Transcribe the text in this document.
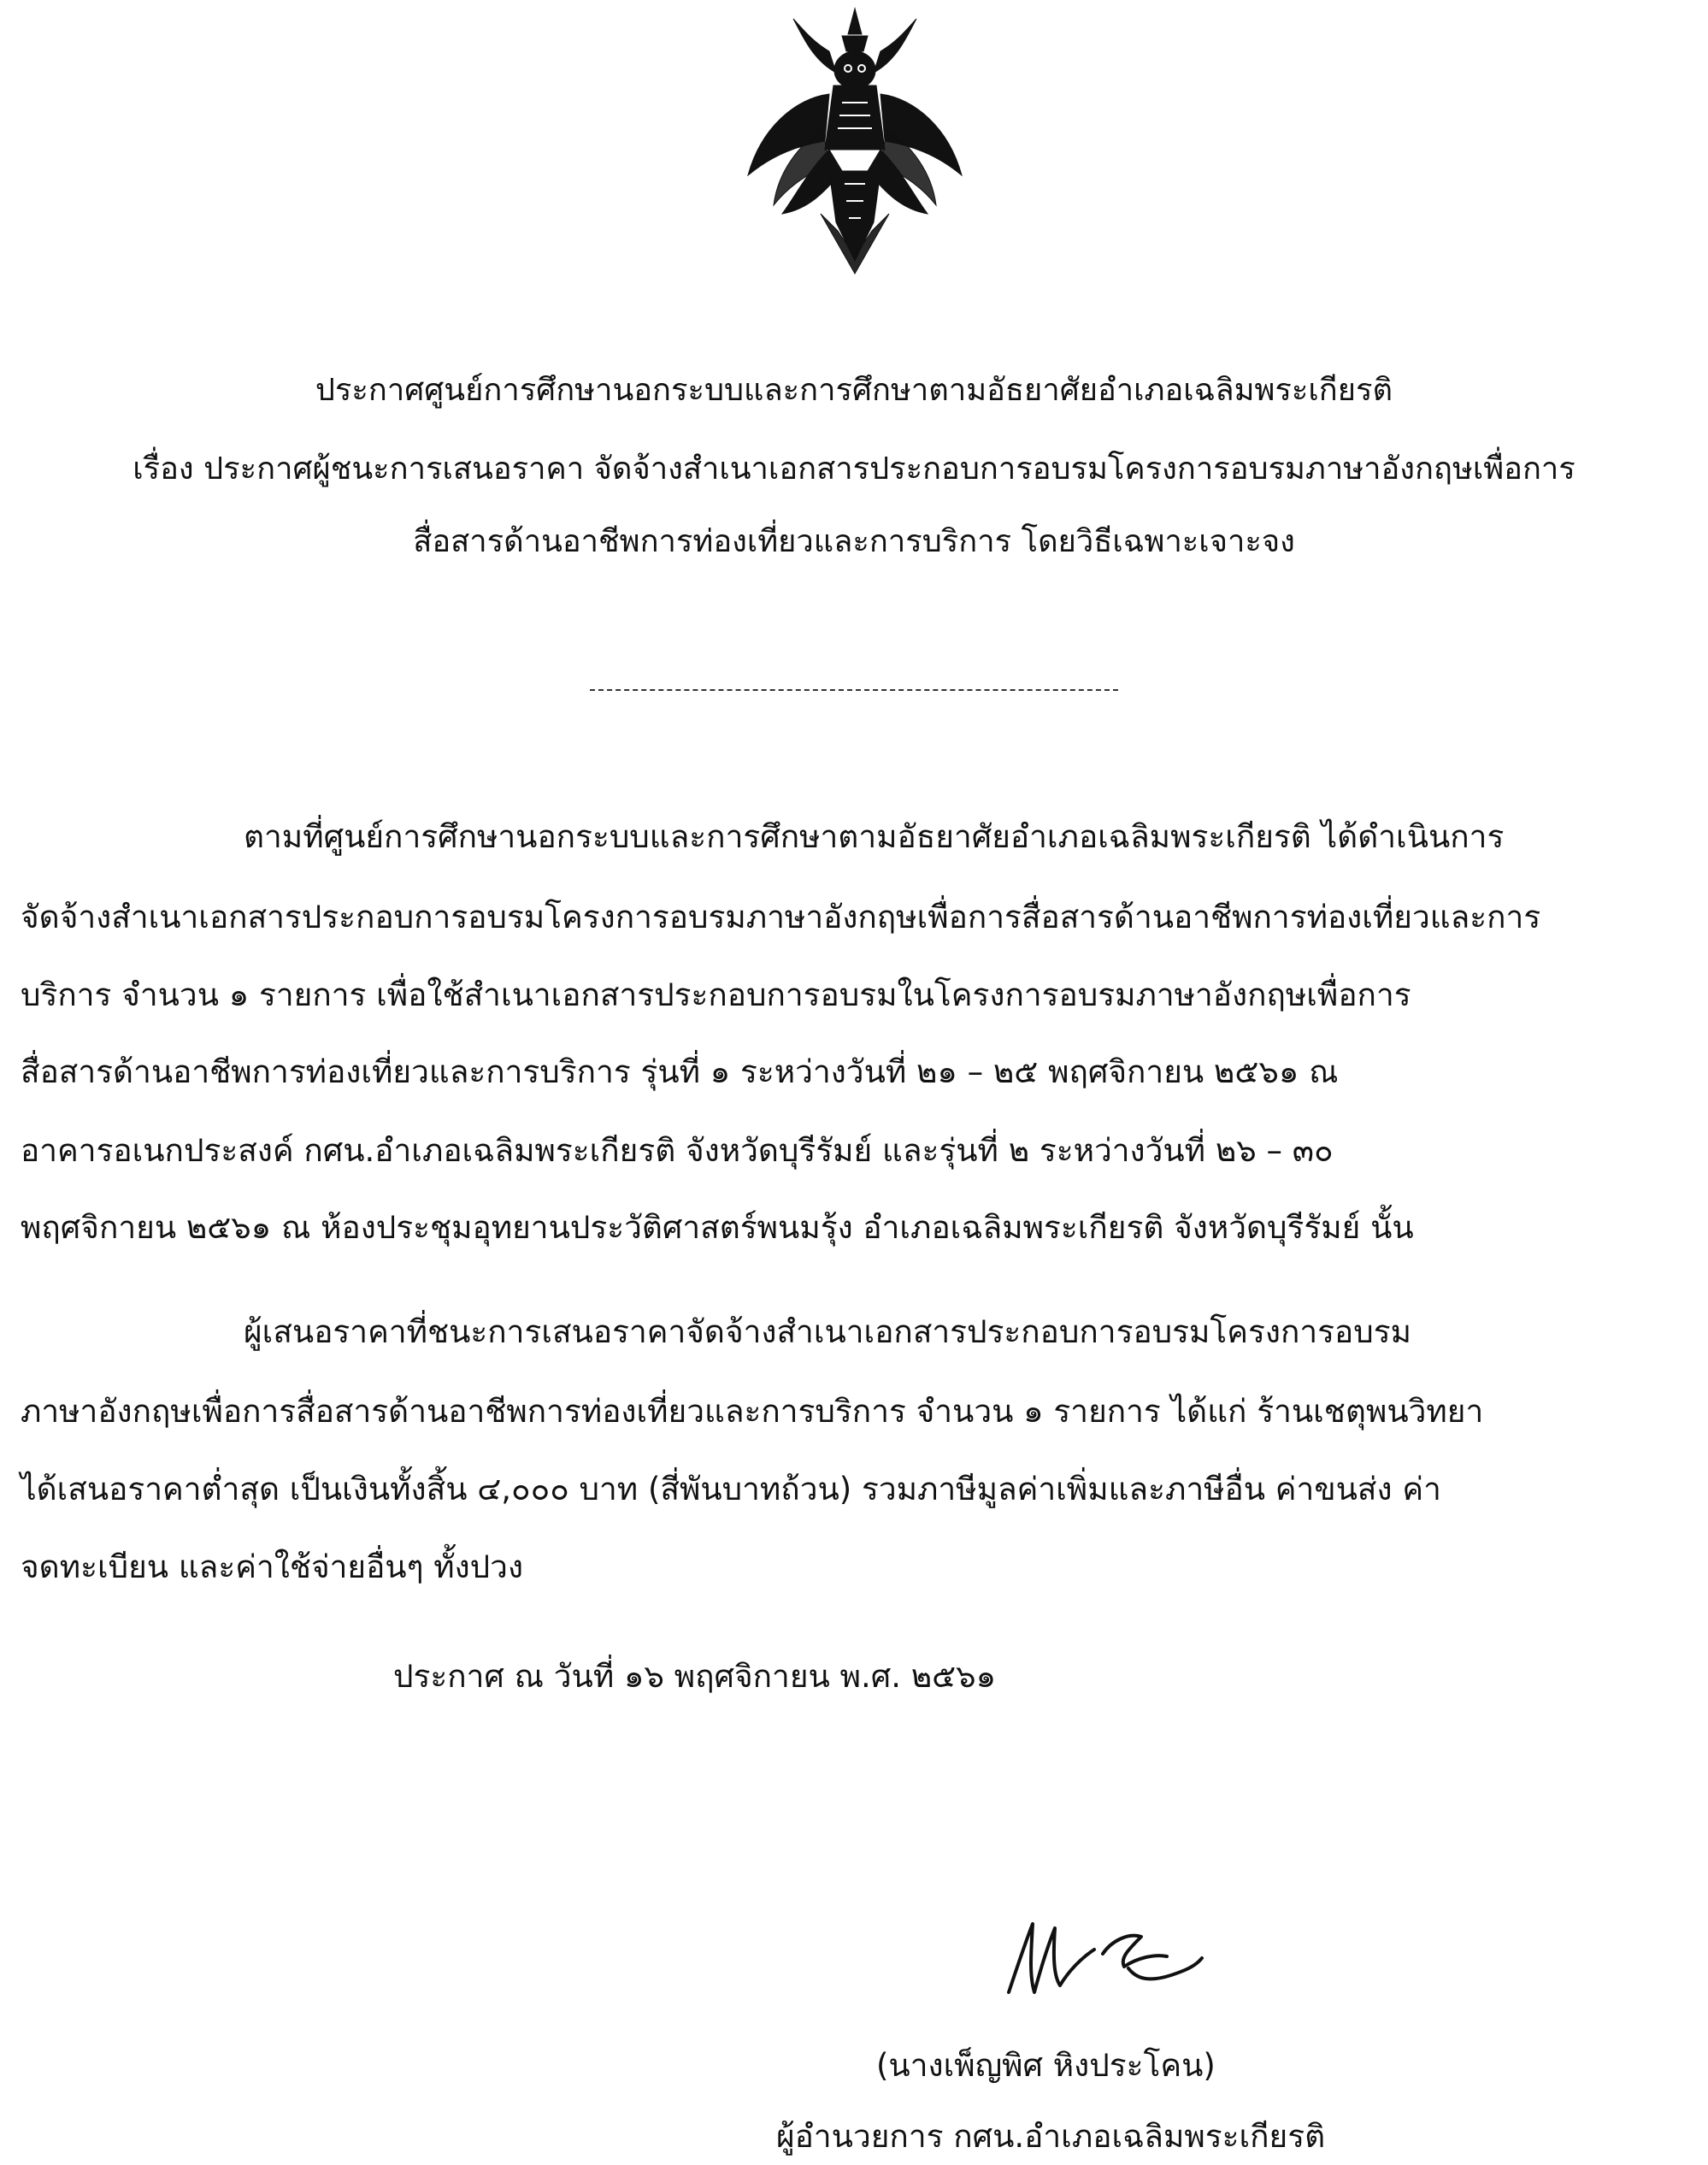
ประกาศศูนย์การศึกษานอกระบบและการศึกษาตามอัธยาศัยอำเภอเฉลิมพระเกียรติ
เรื่อง ประกาศผู้ชนะการเสนอราคา จัดจ้างสำเนาเอกสารประกอบการอบรมโครงการอบรมภาษาอังกฤษเพื่อการ
สื่อสารด้านอาชีพการท่องเที่ยวและการบริการ โดยวิธีเฉพาะเจาะจง
ตามที่ศูนย์การศึกษานอกระบบและการศึกษาตามอัธยาศัยอำเภอเฉลิมพระเกียรติ ได้ดำเนินการ
จัดจ้างสำเนาเอกสารประกอบการอบรมโครงการอบรมภาษาอังกฤษเพื่อการสื่อสารด้านอาชีพการท่องเที่ยวและการ
บริการ จำนวน ๑ รายการ เพื่อใช้สำเนาเอกสารประกอบการอบรมในโครงการอบรมภาษาอังกฤษเพื่อการ
สื่อสารด้านอาชีพการท่องเที่ยวและการบริการ รุ่นที่ ๑ ระหว่างวันที่ ๒๑ – ๒๕ พฤศจิกายน ๒๕๖๑ ณ
อาคารอเนกประสงค์ กศน.อำเภอเฉลิมพระเกียรติ จังหวัดบุรีรัมย์ และรุ่นที่ ๒ ระหว่างวันที่ ๒๖ – ๓๐
พฤศจิกายน ๒๕๖๑ ณ ห้องประชุมอุทยานประวัติศาสตร์พนมรุ้ง อำเภอเฉลิมพระเกียรติ จังหวัดบุรีรัมย์ นั้น
ผู้เสนอราคาที่ชนะการเสนอราคาจัดจ้างสำเนาเอกสารประกอบการอบรมโครงการอบรม
ภาษาอังกฤษเพื่อการสื่อสารด้านอาชีพการท่องเที่ยวและการบริการ จำนวน ๑ รายการ ได้แก่ ร้านเชตุพนวิทยา
ได้เสนอราคาต่ำสุด เป็นเงินทั้งสิ้น ๔,๐๐๐ บาท (สี่พันบาทถ้วน) รวมภาษีมูลค่าเพิ่มและภาษีอื่น ค่าขนส่ง ค่า
จดทะเบียน และค่าใช้จ่ายอื่นๆ ทั้งปวง
ประกาศ ณ วันที่ ๑๖ พฤศจิกายน พ.ศ. ๒๕๖๑
(นางเพ็ญพิศ หิงประโคน)
ผู้อำนวยการ กศน.อำเภอเฉลิมพระเกียรติ
